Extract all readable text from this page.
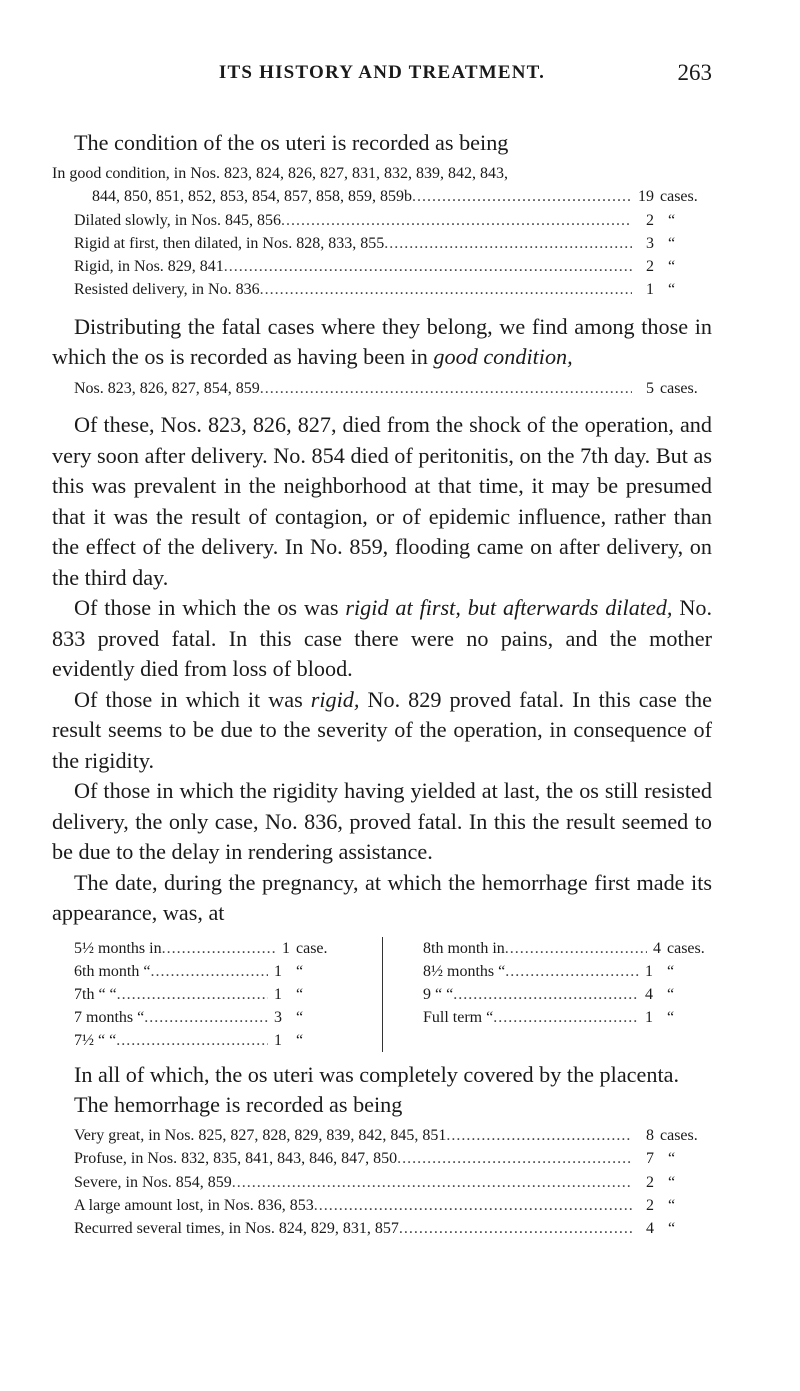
ITS HISTORY AND TREATMENT.	263

The condition of the os uteri is recorded as being

In good condition, in Nos. 823, 824, 826, 827, 831, 832, 839, 842, 843,
844, 850, 851, 852, 853, 854, 857, 858, 859, 859b .....	19 cases.
Dilated slowly, in Nos. 845, 856 .....	2 “
Rigid at first, then dilated, in Nos. 828, 833, 855 .....	3 “
Rigid, in Nos. 829, 841 .....	2 “
Resisted delivery, in No. 836 .....	1 “

Distributing the fatal cases where they belong, we find among those in which the os is recorded as having been in good condition,

Nos. 823, 826, 827, 854, 859 .....	5 cases.

Of these, Nos. 823, 826, 827, died from the shock of the operation, and very soon after delivery. No. 854 died of peritonitis, on the 7th day. But as this was prevalent in the neighborhood at that time, it may be presumed that it was the result of contagion, or of epidemic influence, rather than the effect of the delivery. In No. 859, flooding came on after delivery, on the third day.

Of those in which the os was rigid at first, but afterwards dilated, No. 833 proved fatal. In this case there were no pains, and the mother evidently died from loss of blood.

Of those in which it was rigid, No. 829 proved fatal. In this case the result seems to be due to the severity of the operation, in consequence of the rigidity.

Of those in which the rigidity having yielded at last, the os still resisted delivery, the only case, No. 836, proved fatal. In this the result seemed to be due to the delay in rendering assistance.

The date, during the pregnancy, at which the hemorrhage first made its appearance, was, at

5½ months in .....	1 case.
6th month “ .....	1 “
7th “ “ .....	1 “
7 months “ .....	3 “
7½ “ “ .....	1 “
8th month in .....	4 cases.
8½ months “ .....	1 “
9 “ “ .....	4 “
Full term “ .....	1 “

In all of which, the os uteri was completely covered by the placenta.

The hemorrhage is recorded as being

Very great, in Nos. 825, 827, 828, 829, 839, 842, 845, 851 .....	8 cases.
Profuse, in Nos. 832, 835, 841, 843, 846, 847, 850 .....	7 “
Severe, in Nos. 854, 859 .....	2 “
A large amount lost, in Nos. 836, 853 .....	2 “
Recurred several times, in Nos. 824, 829, 831, 857 .....	4 “
